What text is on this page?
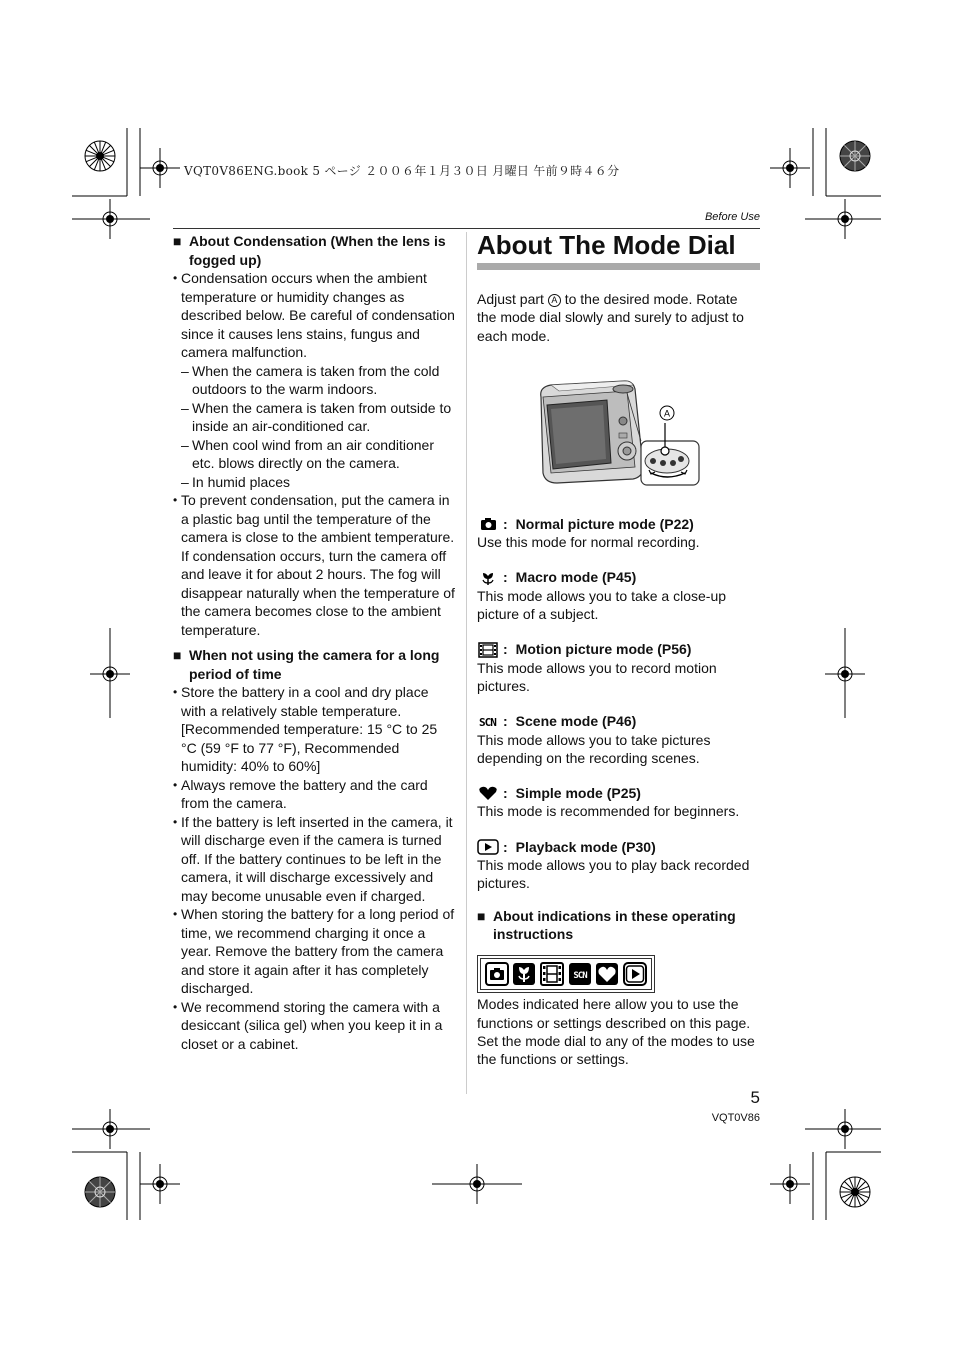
VQT0V86ENG.book 5 ページ ２００６年１月３０日 月曜日 午前９時４６分
Before Use
■ About Condensation (When the lens is fogged up)
• Condensation occurs when the ambient temperature or humidity changes as described below. Be careful of condensation since it causes lens stains, fungus and camera malfunction.
– When the camera is taken from the cold outdoors to the warm indoors.
– When the camera is taken from outside to inside an air-conditioned car.
– When cool wind from an air conditioner etc. blows directly on the camera.
– In humid places
• To prevent condensation, put the camera in a plastic bag until the temperature of the camera is close to the ambient temperature. If condensation occurs, turn the camera off and leave it for about 2 hours. The fog will disappear naturally when the temperature of the camera becomes close to the ambient temperature.
■ When not using the camera for a long period of time
• Store the battery in a cool and dry place with a relatively stable temperature. [Recommended temperature: 15 °C to 25 °C (59 °F to 77 °F), Recommended humidity: 40% to 60%]
• Always remove the battery and the card from the camera.
• If the battery is left inserted in the camera, it will discharge even if the camera is turned off. If the battery continues to be left in the camera, it will discharge excessively and may become unusable even if charged.
• When storing the battery for a long period of time, we recommend charging it once a year. Remove the battery from the camera and store it again after it has completely discharged.
• We recommend storing the camera with a desiccant (silica gel) when you keep it in a closet or a cabinet.
About The Mode Dial
Adjust part A to the desired mode. Rotate the mode dial slowly and surely to adjust to each mode.
A
: Normal picture mode (P22)
Use this mode for normal recording.
: Macro mode (P45)
This mode allows you to take a close-up picture of a subject.
: Motion picture mode (P56)
This mode allows you to record motion pictures.
SCN : Scene mode (P46)
This mode allows you to take pictures depending on the recording scenes.
: Simple mode (P25)
This mode is recommended for beginners.
: Playback mode (P30)
This mode allows you to play back recorded pictures.
■ About indications in these operating instructions
SCN
Modes indicated here allow you to use the functions or settings described on this page. Set the mode dial to any of the modes to use the functions or settings.
5
VQT0V86
